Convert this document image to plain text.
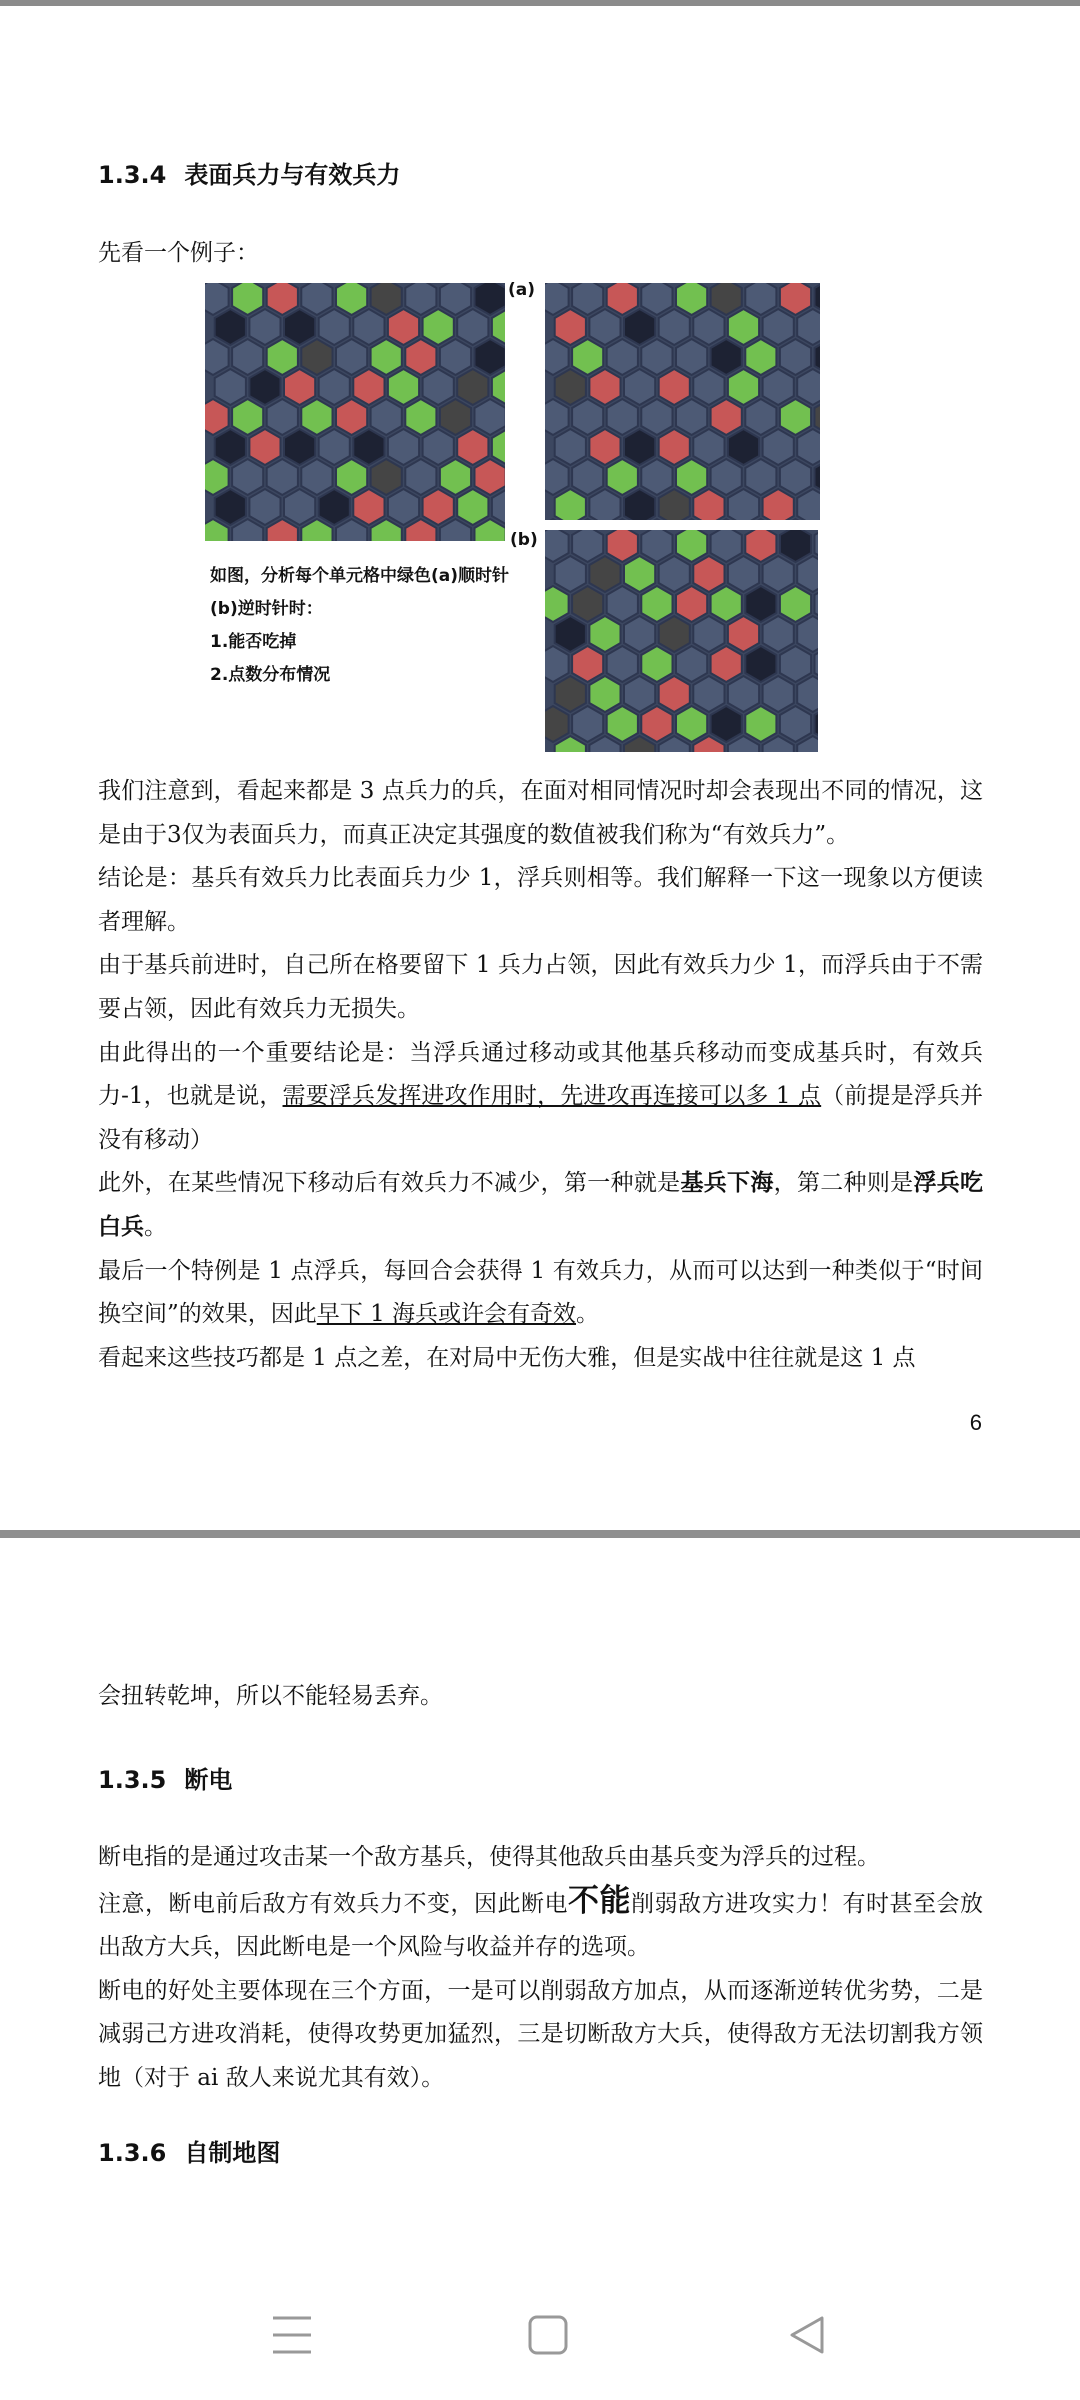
1.3.4 表面兵力与有效兵力
先看一个例子：
(a)
(b)
如图，分析每个单元格中绿色(a)顺时针
(b)逆时针时：
1.能否吃掉
2.点数分布情况

我们注意到，看起来都是 3 点兵力的兵，在面对相同情况时却会表现出不同的情况，这是由于3仅为表面兵力，而真正决定其强度的数值被我们称为“有效兵力”。

结论是：基兵有效兵力比表面兵力少 1，浮兵则相等。我们解释一下这一现象以方便读者理解。

由于基兵前进时，自己所在格要留下 1 兵力占领，因此有效兵力少 1，而浮兵由于不需要占领，因此有效兵力无损失。

由此得出的一个重要结论是：当浮兵通过移动或其他基兵移动而变成基兵时，有效兵力-1，也就是说，需要浮兵发挥进攻作用时，先进攻再连接可以多 1 点（前提是浮兵并没有移动）

此外，在某些情况下移动后有效兵力不减少，第一种就是基兵下海，第二种则是浮兵吃白兵。

最后一个特例是 1 点浮兵，每回合会获得 1 有效兵力，从而可以达到一种类似于“时间换空间”的效果，因此早下 1 海兵或许会有奇效。

看起来这些技巧都是 1 点之差，在对局中无伤大雅，但是实战中往往就是这 1 点

6
会扭转乾坤，所以不能轻易丢弃。
1.3.5 断电

断电指的是通过攻击某一个敌方基兵，使得其他敌兵由基兵变为浮兵的过程。

注意，断电前后敌方有效兵力不变，因此断电不能削弱敌方进攻实力！有时甚至会放出敌方大兵，因此断电是一个风险与收益并存的选项。

断电的好处主要体现在三个方面，一是可以削弱敌方加点，从而逐渐逆转优劣势，二是减弱己方进攻消耗，使得攻势更加猛烈，三是切断敌方大兵，使得敌方无法切割我方领地（对于 ai 敌人来说尤其有效）。

1.3.6 自制地图
